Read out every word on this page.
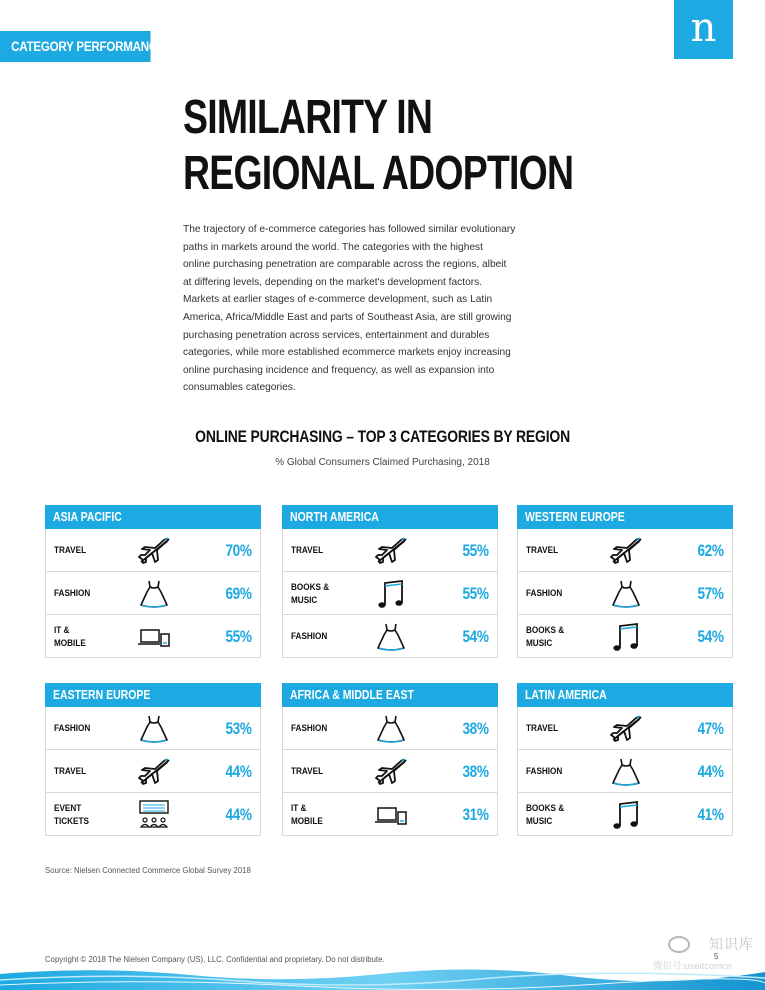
CATEGORY PERFORMANCE	n
SIMILARITY IN
REGIONAL ADOPTION
The trajectory of e-commerce categories has followed similar evolutionary
paths in markets around the world. The categories with the highest
online purchasing penetration are comparable across the regions, albeit
at differing levels, depending on the market's development factors.
Markets at earlier stages of e-commerce development, such as Latin
America, Africa/Middle East and parts of Southeast Asia, are still growing
purchasing penetration across services, entertainment and durables
categories, while more established ecommerce markets enjoy increasing
online purchasing incidence and frequency, as well as expansion into
consumables categories.
ONLINE PURCHASING – TOP 3 CATEGORIES BY REGION
% Global Consumers Claimed Purchasing, 2018
ASIA PACIFIC
TRAVEL	70%
FASHION	69%
IT &
MOBILE	55%
NORTH AMERICA
TRAVEL	55%
BOOKS & MUSIC	55%
FASHION	54%
WESTERN EUROPE
TRAVEL	62%
FASHION	57%
BOOKS & MUSIC	54%
EASTERN EUROPE
FASHION	53%
TRAVEL	44%
EVENT TICKETS	44%
AFRICA & MIDDLE EAST
FASHION	38%
TRAVEL	38%
IT &
MOBILE	31%
LATIN AMERICA
TRAVEL	47%
FASHION	44%
BOOKS & MUSIC	41%
Source: Nielsen Connected Commerce Global Survey 2018
Copyright © 2018 The Nielsen Company (US), LLC. Confidential and proprietary. Do not distribute.	5
知识库
微信号:useitcomcn
